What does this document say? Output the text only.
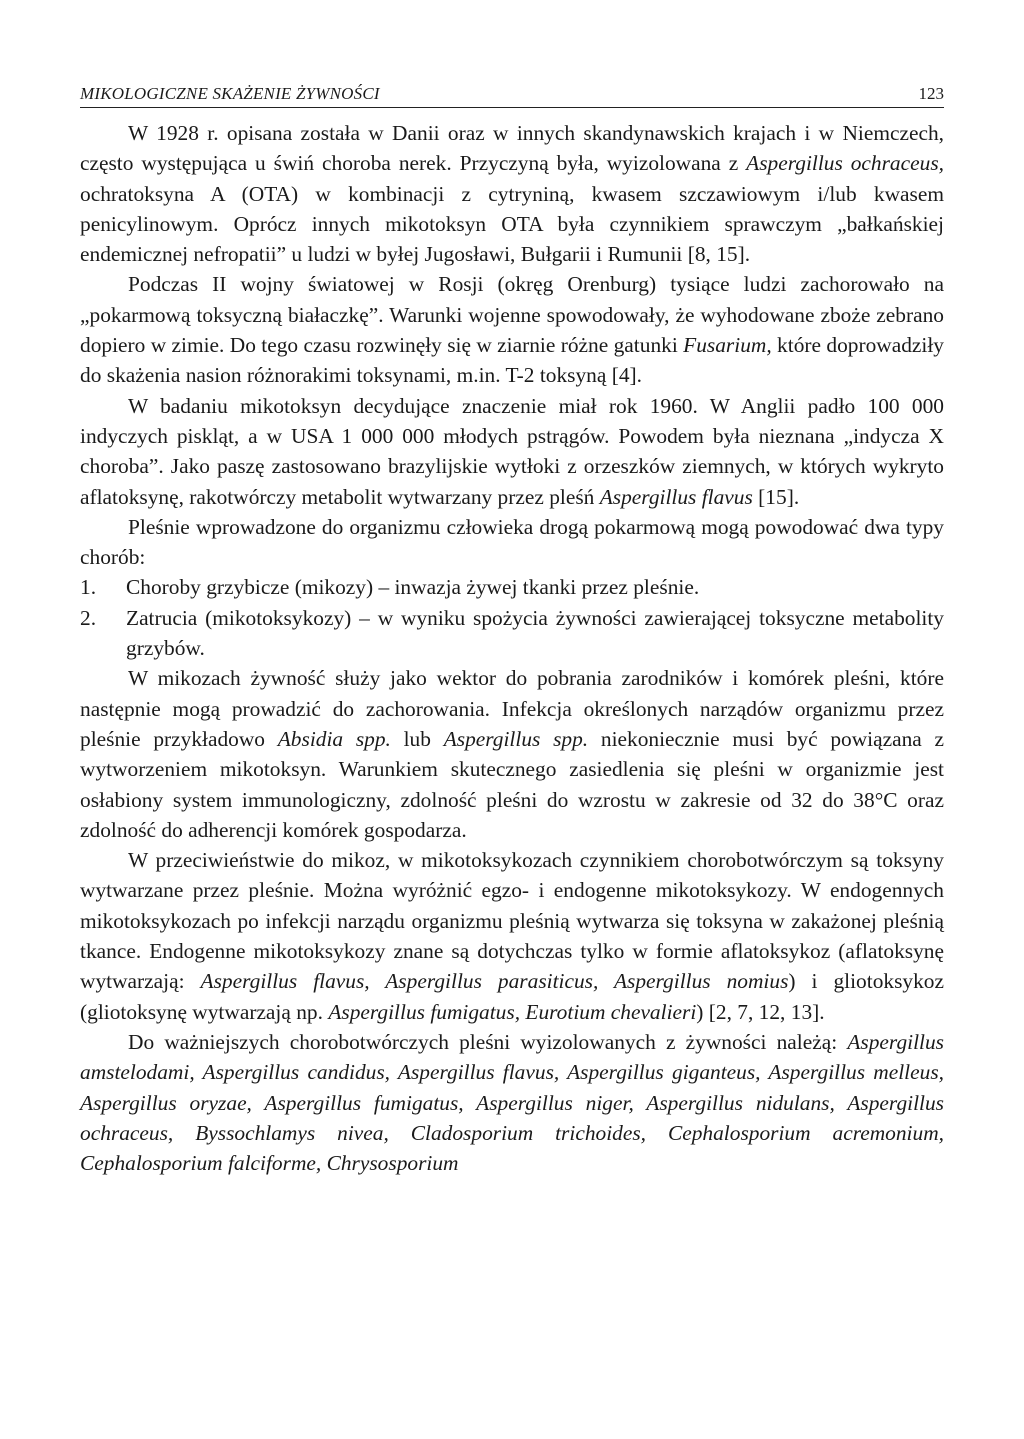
MIKOLOGICZNE SKAŻENIE ŻYWNOŚCI	123

W 1928 r. opisana została w Danii oraz w innych skandynawskich krajach i w Niemczech, często występująca u świń choroba nerek. Przyczyną była, wyizolowana z Aspergillus ochraceus, ochratoksyna A (OTA) w kombinacji z cytryniną, kwasem szczawiowym i/lub kwasem penicylinowym. Oprócz innych mikotoksyn OTA była czynnikiem sprawczym „bałkańskiej endemicznej nefropatii” u ludzi w byłej Jugosławi, Bułgarii i Rumunii [8, 15].

Podczas II wojny światowej w Rosji (okręg Orenburg) tysiące ludzi zachorowało na „pokarmową toksyczną białaczkę”. Warunki wojenne spowodowały, że wyhodowane zboże zebrano dopiero w zimie. Do tego czasu rozwinęły się w ziarnie różne gatunki Fusarium, które doprowadziły do skażenia nasion różnorakimi toksynami, m.in. T-2 toksyną [4].

W badaniu mikotoksyn decydujące znaczenie miał rok 1960. W Anglii padło 100 000 indyczych piskląt, a w USA 1 000 000 młodych pstrągów. Powodem była nieznana „indycza X choroba”. Jako paszę zastosowano brazylijskie wytłoki z orzeszków ziemnych, w których wykryto aflatoksynę, rakotwórczy metabolit wytwarzany przez pleśń Aspergillus flavus [15].

Pleśnie wprowadzone do organizmu człowieka drogą pokarmową mogą powodować dwa typy chorób:

1.	Choroby grzybicze (mikozy) – inwazja żywej tkanki przez pleśnie.
2.	Zatrucia (mikotoksykozy) – w wyniku spożycia żywności zawierającej toksyczne metabolity grzybów.

W mikozach żywność służy jako wektor do pobrania zarodników i komórek pleśni, które następnie mogą prowadzić do zachorowania. Infekcja określonych narządów organizmu przez pleśnie przykładowo Absidia spp. lub Aspergillus spp. niekoniecznie musi być powiązana z wytworzeniem mikotoksyn. Warunkiem skutecznego zasiedlenia się pleśni w organizmie jest osłabiony system immunologiczny, zdolność pleśni do wzrostu w zakresie od 32 do 38°C oraz zdolność do adherencji komórek gospodarza.

W przeciwieństwie do mikoz, w mikotoksykozach czynnikiem chorobotwórczym są toksyny wytwarzane przez pleśnie. Można wyróżnić egzo- i endogenne mikotoksykozy. W endogennych mikotoksykozach po infekcji narządu organizmu pleśnią wytwarza się toksyna w zakażonej pleśnią tkance. Endogenne mikotoksykozy znane są dotychczas tylko w formie aflatoksykoz (aflatoksynę wytwarzają: Aspergillus flavus, Aspergillus parasiticus, Aspergillus nomius) i gliotoksykoz (gliotoksynę wytwarzają np. Aspergillus fumigatus, Eurotium chevalieri) [2, 7, 12, 13].

Do ważniejszych chorobotwórczych pleśni wyizolowanych z żywności należą: Aspergillus amstelodami, Aspergillus candidus, Aspergillus flavus, Aspergillus giganteus, Aspergillus melleus, Aspergillus oryzae, Aspergillus fumigatus, Aspergillus niger, Aspergillus nidulans, Aspergillus ochraceus, Byssochlamys nivea, Cladosporium trichoides, Cephalosporium acremonium, Cephalosporium falciforme, Chrysosporium
